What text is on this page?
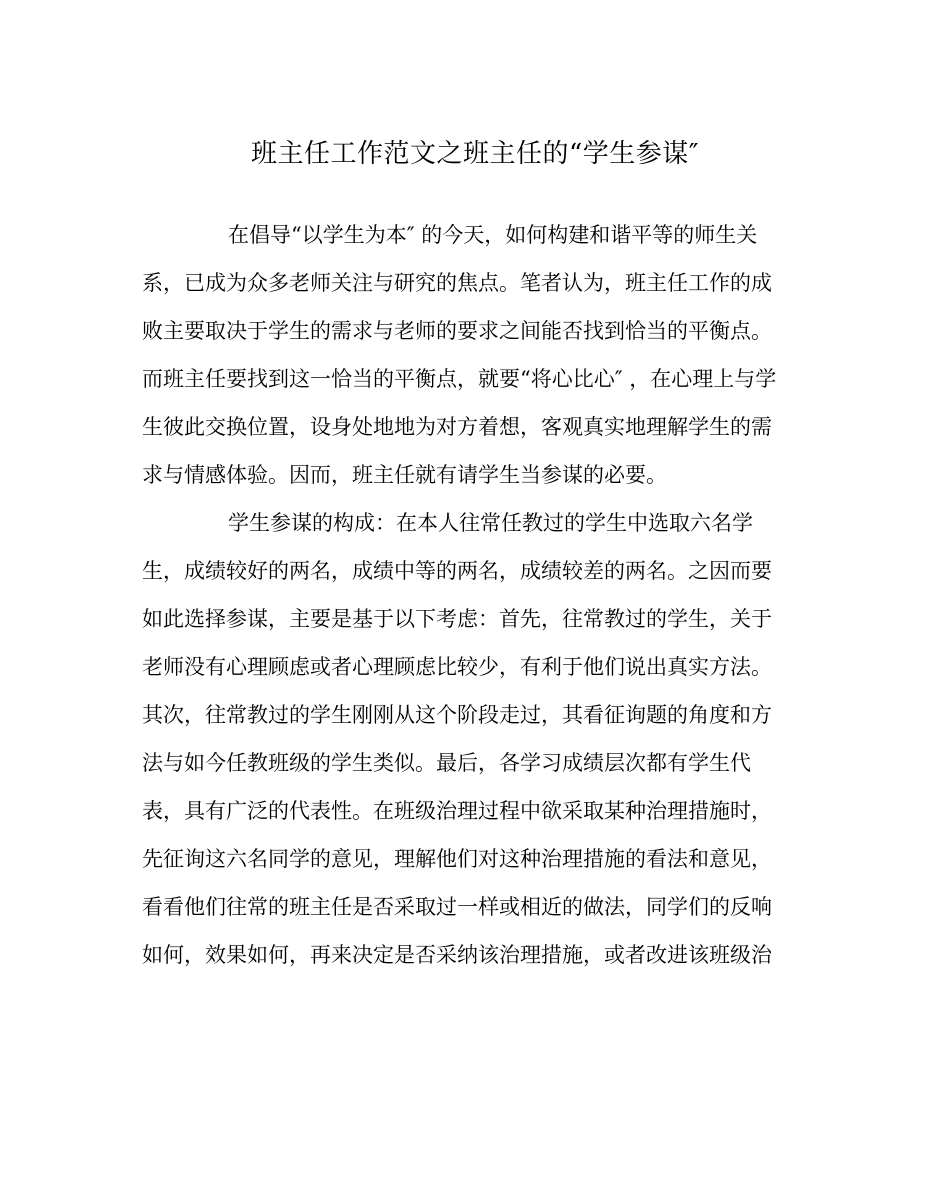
班主任工作范文之班主任的“学生参谋″
在倡导“以学生为本″ 的今天，如何构建和谐平等的师生关
系，已成为众多老师关注与研究的焦点。笔者认为，班主任工作的成
败主要取决于学生的需求与老师的要求之间能否找到恰当的平衡点。
而班主任要找到这一恰当的平衡点，就要“将心比心″ ，在心理上与学
生彼此交换位置，设身处地地为对方着想，客观真实地理解学生的需
求与情感体验。因而，班主任就有请学生当参谋的必要。
学生参谋的构成：在本人往常任教过的学生中选取六名学
生，成绩较好的两名，成绩中等的两名，成绩较差的两名。之因而要
如此选择参谋，主要是基于以下考虑：首先，往常教过的学生，关于
老师没有心理顾虑或者心理顾虑比较少，有利于他们说出真实方法。
其次，往常教过的学生刚刚从这个阶段走过，其看征询题的角度和方
法与如今任教班级的学生类似。最后，各学习成绩层次都有学生代
表，具有广泛的代表性。在班级治理过程中欲采取某种治理措施时，
先征询这六名同学的意见，理解他们对这种治理措施的看法和意见，
看看他们往常的班主任是否采取过一样或相近的做法，同学们的反响
如何，效果如何，再来决定是否采纳该治理措施，或者改进该班级治
